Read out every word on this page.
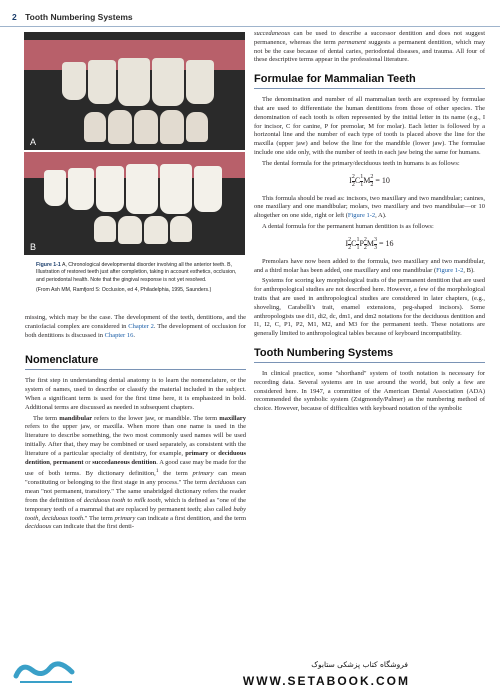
2 Tooth Numbering Systems
A
B
Figure 1-1 A, Chronological developmental disorder involving all the anterior teeth. B, Illustration of restored teeth just after completion, taking in account esthetics, occlusion, and periodontal health. Note that the gingival response is not yet resolved.
(From Ash MM, Ramfjord S: Occlusion, ed 4, Philadelphia, 1995, Saunders.)

missing, which may be the case. The development of the teeth, dentitions, and the craniofacial complex are considered in Chapter 2. The development of occlusion for both dentitions is discussed in Chapter 16.

Nomenclature

The first step in understanding dental anatomy is to learn the nomenclature, or the system of names, used to describe or classify the material included in the subject. When a significant term is used for the first time here, it is emphasized in bold. Additional terms are discussed as needed in subsequent chapters.

The term mandibular refers to the lower jaw, or mandible. The term maxillary refers to the upper jaw, or maxilla. When more than one name is used in the literature to describe something, the two most commonly used names will be used initially. After that, they may be combined or used separately, as consistent with the literature of a particular specialty of dentistry, for example, primary or deciduous dentition, permanent or succedaneous dentition. A good case may be made for the use of both terms. By dictionary definition,$^1$ the term primary can mean "constituting or belonging to the first stage in any process." The term deciduous can mean "not permanent, transitory." The same unabridged dictionary refers the reader from the definition of deciduous tooth to milk tooth, which is defined as "one of the temporary teeth of a mammal that are replaced by permanent teeth; also called baby tooth, deciduous tooth." The term primary can indicate a first dentition, and the term deciduous can indicate that the first denti-

succedaneous can be used to describe a successor dentition and does not suggest permanence, whereas the term permanent suggests a permanent dentition, which may not be the case because of dental caries, periodontal diseases, and trauma. All four of these descriptive terms appear in the professional literature.

Formulae for Mammalian Teeth

The denomination and number of all mammalian teeth are expressed by formulae that are used to differentiate the human dentitions from those of other species. The denomination of each tooth is often represented by the initial letter in its name (e.g., I for incisor, C for canine, P for premolar, M for molar). Each letter is followed by a horizontal line and the number of each type of tooth is placed above the line for the maxilla (upper jaw) and below the line for the mandible (lower jaw). The formulae include one side only, with the number of teeth in each jaw being the same for humans.

The dental formula for the primary/deciduous teeth in humans is as follows:

I $\frac{2}{2}$ C $\frac{1}{1}$ M $\frac{2}{2} = 10$

This formula should be read as: incisors, two maxillary and two mandibular; canines, one maxillary and one mandibular; molars, two maxillary and two mandibular—or 10 altogether on one side, right or left (Figure 1-2, A).

A dental formula for the permanent human dentition is as follows:

I $\frac{2}{2}$ C $\frac{1}{1}$ P $\frac{2}{2}$ M $\frac{3}{3} = 16$

Premolars have now been added to the formula, two maxillary and two mandibular, and a third molar has been added, one maxillary and one mandibular (Figure 1-2, B).

Systems for scoring key morphological traits of the permanent dentition that are used for anthropological studies are not described here. However, a few of the morphological traits that are used in anthropological studies are considered in later chapters, (e.g., shoveling, Carabelli's trait, enamel extensions, peg-shaped incisors). Some anthropologists use di1, di2, dc, dm1, and dm2 notations for the deciduous dentition and I1, I2, C, P1, P2, M1, M2, and M3 for the permanent teeth. These notations are generally limited to anthropological tables because of keyboard incompatibility.

Tooth Numbering Systems

In clinical practice, some "shorthand" system of tooth notation is necessary for recording data. Several systems are in use around the world, but only a few are considered here. In 1947, a committee of the American Dental Association (ADA) recommended the symbolic system (Zsigmondy/Palmer) as the numbering method of choice. However, because of difficulties with keyboard notation of the symbolic

فروشگاه کتاب پزشکی ستابوک
WWW.SETABOOK.COM
